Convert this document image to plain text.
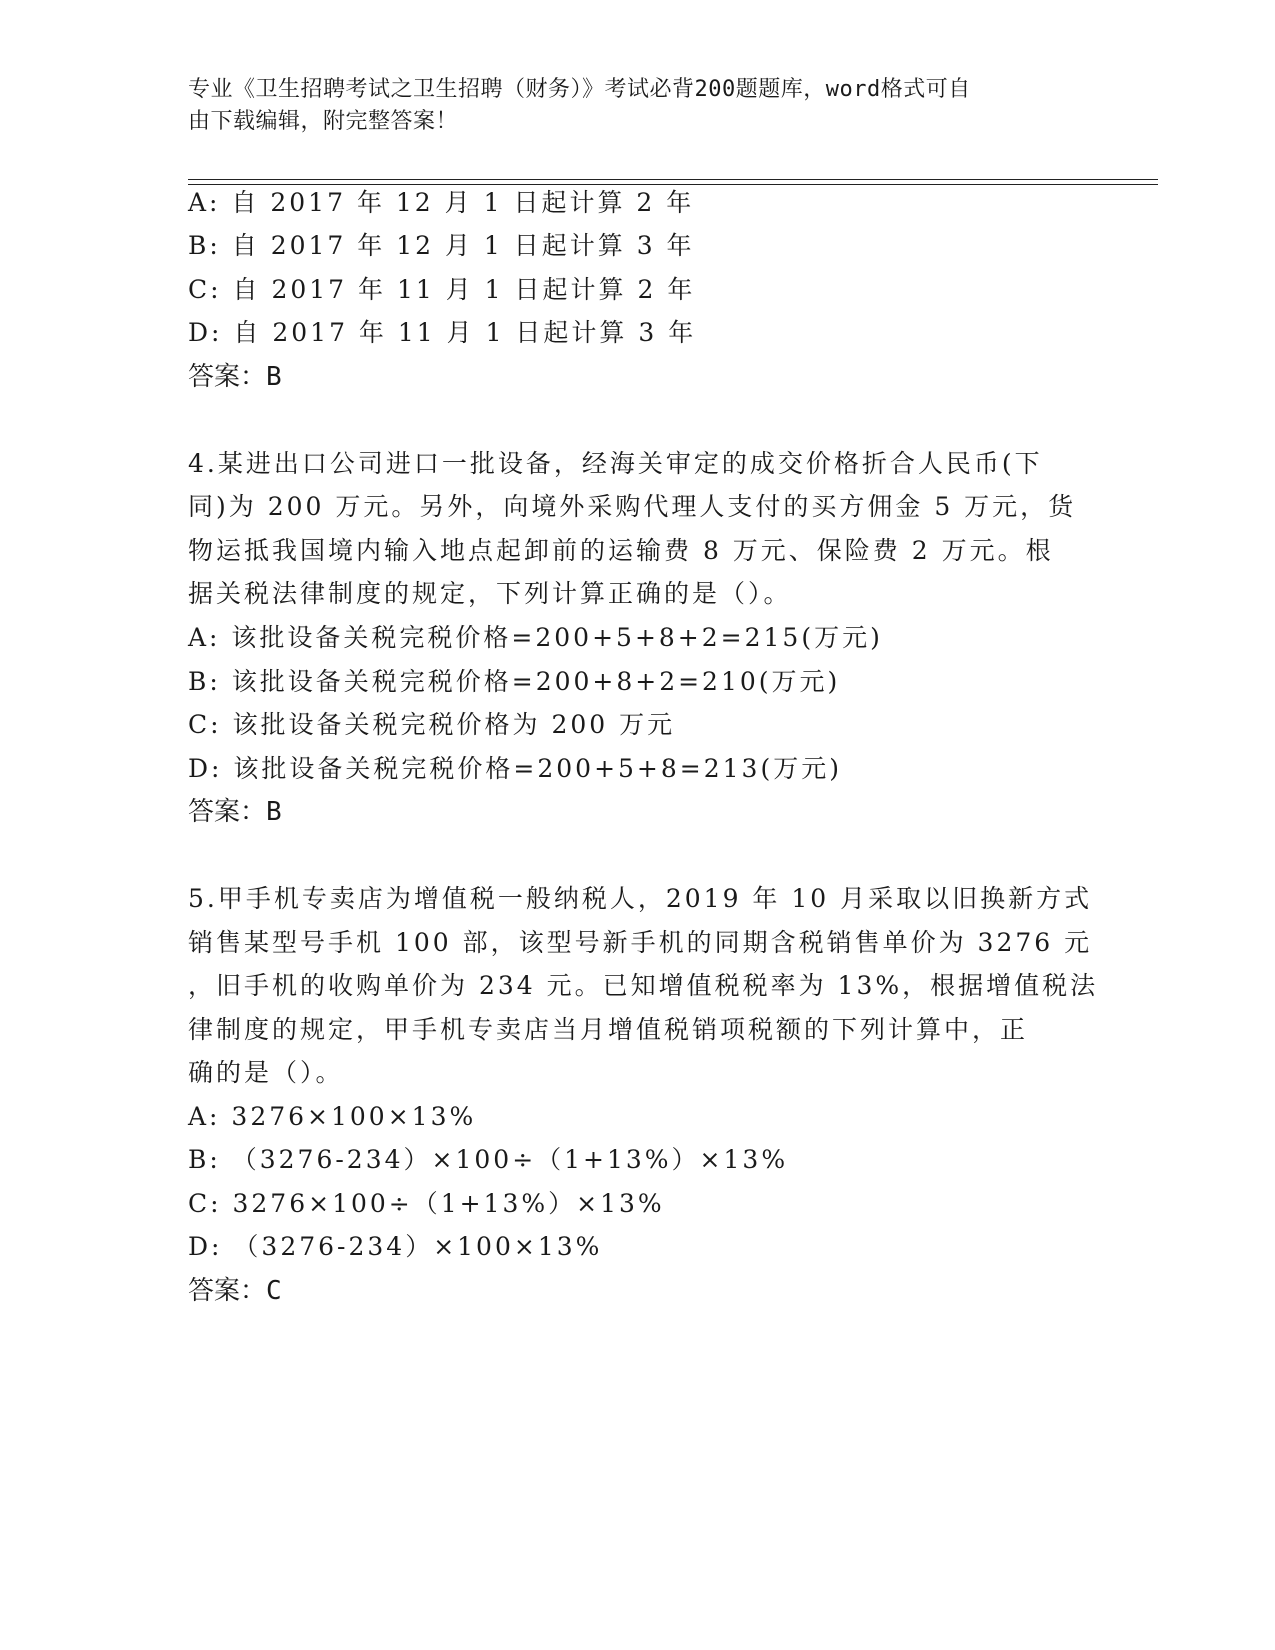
专业《卫生招聘考试之卫生招聘（财务）》考试必背200题题库，word格式可自
由下载编辑，附完整答案！
A: 自 2017 年 12 月 1 日起计算 2 年
B: 自 2017 年 12 月 1 日起计算 3 年
C: 自 2017 年 11 月 1 日起计算 2 年
D: 自 2017 年 11 月 1 日起计算 3 年
答案：B
4.某进出口公司进口一批设备，经海关审定的成交价格折合人民币(下
同)为 200 万元。另外，向境外采购代理人支付的买方佣金 5 万元，货
物运抵我国境内输入地点起卸前的运输费 8 万元、保险费 2 万元。根
据关税法律制度的规定，下列计算正确的是（）。
A: 该批设备关税完税价格=200+5+8+2=215(万元)
B: 该批设备关税完税价格=200+8+2=210(万元)
C: 该批设备关税完税价格为 200 万元
D: 该批设备关税完税价格=200+5+8=213(万元)
答案：B
5.甲手机专卖店为增值税一般纳税人，2019 年 10 月采取以旧换新方式
销售某型号手机 100 部，该型号新手机的同期含税销售单价为 3276 元
，旧手机的收购单价为 234 元。已知增值税税率为 13%，根据增值税法
律制度的规定，甲手机专卖店当月增值税销项税额的下列计算中，正
确的是（）。
A: 3276×100×13%
B: （3276-234）×100÷（1+13%）×13%
C: 3276×100÷（1+13%）×13%
D: （3276-234）×100×13%
答案：C
